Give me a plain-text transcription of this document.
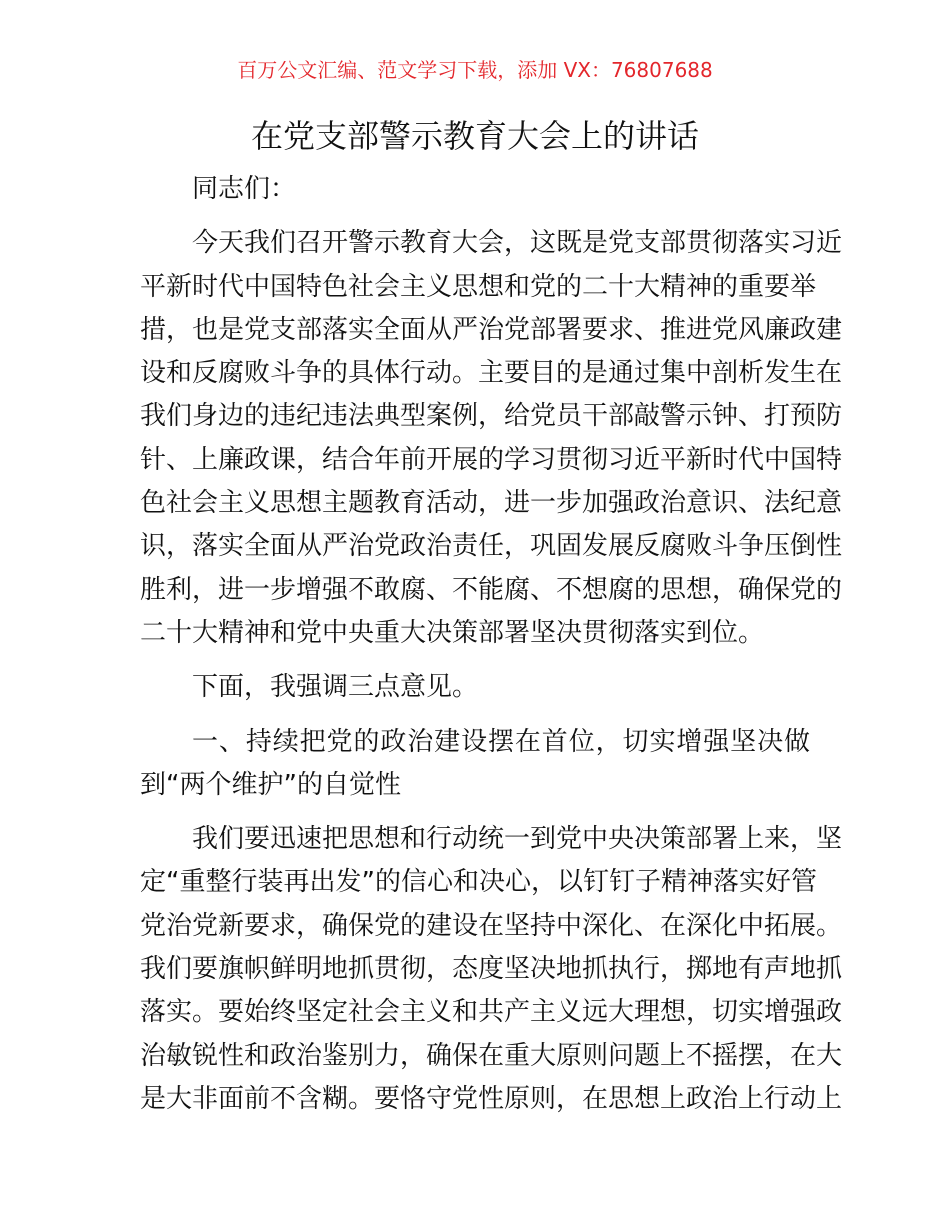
百万公文汇编、范文学习下载，添加 VX：76807688
在党支部警示教育大会上的讲话
同志们：
今天我们召开警示教育大会，这既是党支部贯彻落实习近
平新时代中国特色社会主义思想和党的二十大精神的重要举
措，也是党支部落实全面从严治党部署要求、推进党风廉政建
设和反腐败斗争的具体行动。主要目的是通过集中剖析发生在
我们身边的违纪违法典型案例，给党员干部敲警示钟、打预防
针、上廉政课，结合年前开展的学习贯彻习近平新时代中国特
色社会主义思想主题教育活动，进一步加强政治意识、法纪意
识，落实全面从严治党政治责任，巩固发展反腐败斗争压倒性
胜利，进一步增强不敢腐、不能腐、不想腐的思想，确保党的
二十大精神和党中央重大决策部署坚决贯彻落实到位。
下面，我强调三点意见。
一、持续把党的政治建设摆在首位，切实增强坚决做
到“两个维护”的自觉性
我们要迅速把思想和行动统一到党中央决策部署上来，坚
定“重整行装再出发”的信心和决心，以钉钉子精神落实好管
党治党新要求，确保党的建设在坚持中深化、在深化中拓展。
我们要旗帜鲜明地抓贯彻，态度坚决地抓执行，掷地有声地抓
落实。要始终坚定社会主义和共产主义远大理想，切实增强政
治敏锐性和政治鉴别力，确保在重大原则问题上不摇摆，在大
是大非面前不含糊。要恪守党性原则，在思想上政治上行动上
